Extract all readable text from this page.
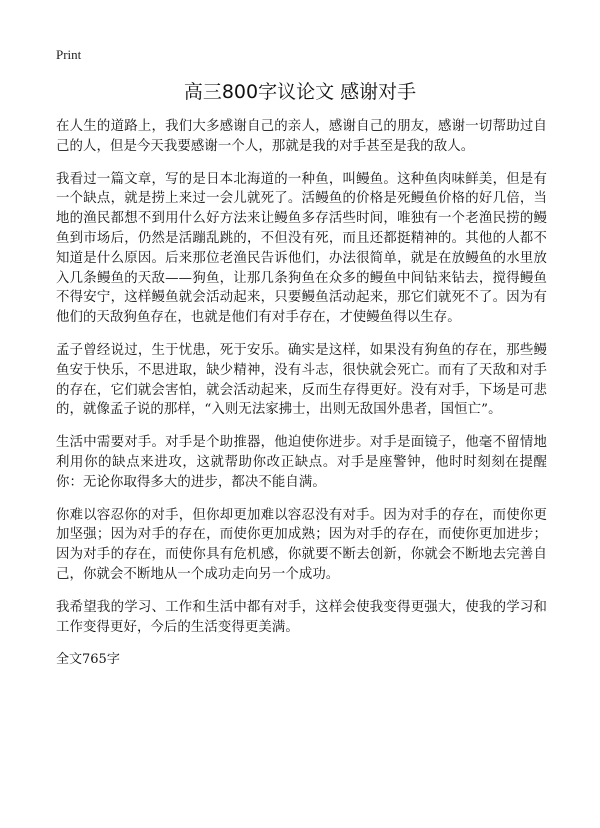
Print
高三800字议论文 感谢对手

在人生的道路上，我们大多感谢自己的亲人，感谢自己的朋友，感谢一切帮助过自己的人，但是今天我要感谢一个人，那就是我的对手甚至是我的敌人。

我看过一篇文章，写的是日本北海道的一种鱼，叫鳗鱼。这种鱼肉味鲜美，但是有一个缺点，就是捞上来过一会儿就死了。活鳗鱼的价格是死鳗鱼价格的好几倍，当地的渔民都想不到用什么好方法来让鳗鱼多存活些时间，唯独有一个老渔民捞的鳗鱼到市场后，仍然是活蹦乱跳的，不但没有死，而且还都挺精神的。其他的人都不知道是什么原因。后来那位老渔民告诉他们，办法很简单，就是在放鳗鱼的水里放入几条鳗鱼的天敌——狗鱼，让那几条狗鱼在众多的鳗鱼中间钻来钻去，搅得鳗鱼不得安宁，这样鳗鱼就会活动起来，只要鳗鱼活动起来，那它们就死不了。因为有他们的天敌狗鱼存在，也就是他们有对手存在，才使鳗鱼得以生存。

孟子曾经说过，生于忧患，死于安乐。确实是这样，如果没有狗鱼的存在，那些鳗鱼安于快乐，不思进取，缺少精神，没有斗志，很快就会死亡。而有了天敌和对手的存在，它们就会害怕，就会活动起来，反而生存得更好。没有对手，下场是可悲的，就像孟子说的那样，“入则无法家拂士，出则无敌国外患者，国恒亡”。

生活中需要对手。对手是个助推器，他迫使你进步。对手是面镜子，他毫不留情地利用你的缺点来进攻，这就帮助你改正缺点。对手是座警钟，他时时刻刻在提醒你：无论你取得多大的进步，都决不能自满。

你难以容忍你的对手，但你却更加难以容忍没有对手。因为对手的存在，而使你更加坚强；因为对手的存在，而使你更加成熟；因为对手的存在，而使你更加进步；因为对手的存在，而使你具有危机感，你就要不断去创新，你就会不断地去完善自己，你就会不断地从一个成功走向另一个成功。

我希望我的学习、工作和生活中都有对手，这样会使我变得更强大，使我的学习和工作变得更好，今后的生活变得更美满。

全文765字
